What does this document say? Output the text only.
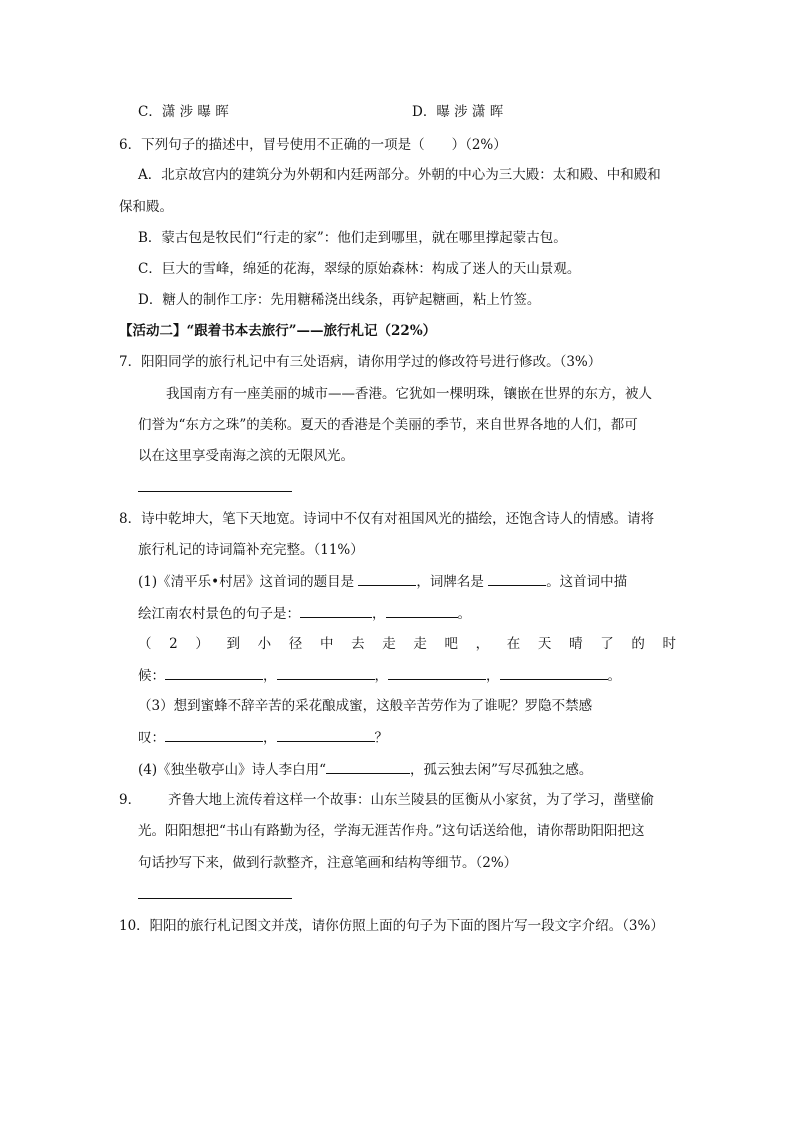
C．潇 涉 曝 晖	D．曝 涉 潇 晖
6．下列句子的描述中，冒号使用不正确的一项是（　　）（2%）
A．北京故宫内的建筑分为外朝和内廷两部分。外朝的中心为三大殿：太和殿、中和殿和
保和殿。
B．蒙古包是牧民们“行走的家”：他们走到哪里，就在哪里撑起蒙古包。
C．巨大的雪峰，绵延的花海，翠绿的原始森林：构成了迷人的天山景观。
D．糖人的制作工序：先用糖稀浇出线条，再铲起糖画，粘上竹签。
【活动二】“跟着书本去旅行”——旅行札记（22%）
7．阳阳同学的旅行札记中有三处语病，请你用学过的修改符号进行修改。（3%）
我国南方有一座美丽的城市——香港。它犹如一棵明珠，镶嵌在世界的东方，被人
们誉为“东方之珠”的美称。夏天的香港是个美丽的季节，来自世界各地的人们，都可
以在这里享受南海之滨的无限风光。
8．诗中乾坤大，笔下天地宽。诗词中不仅有对祖国风光的描绘，还饱含诗人的情感。请将
旅行札记的诗词篇补充完整。（11%）
(1)《清平乐•村居》这首词的题目是	，词牌名是	。这首词中描
绘江南农村景色的句子是：	，	。
（ 2 ） 到 小 径 中 去 走 走 吧 ， 在 天 晴 了 的 时
候：	，	，	，	。
（3）想到蜜蜂不辞辛苦的采花酿成蜜，这般辛苦劳作为了谁呢？罗隐不禁感
叹：	，	？
(4)《独坐敬亭山》诗人李白用“	，孤云独去闲”写尽孤独之感。
9． 齐鲁大地上流传着这样一个故事：山东兰陵县的匡衡从小家贫，为了学习，凿壁偷
光。阳阳想把“书山有路勤为径，学海无涯苦作舟。”这句话送给他，请你帮助阳阳把这
句话抄写下来，做到行款整齐，注意笔画和结构等细节。（2%）
10．阳阳的旅行札记图文并茂，请你仿照上面的句子为下面的图片写一段文字介绍。（3%）
